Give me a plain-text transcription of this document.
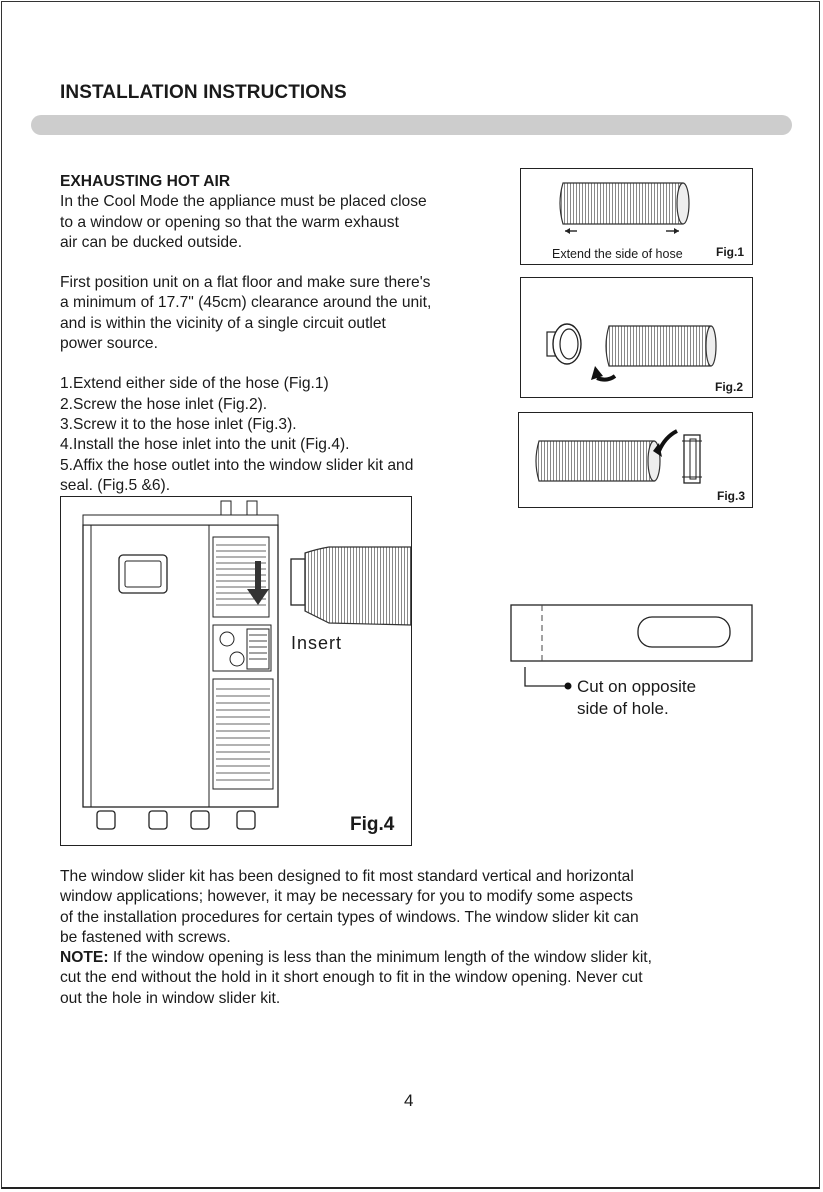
INSTALLATION INSTRUCTIONS

EXHAUSTING HOT AIR

In the Cool Mode the appliance must be placed close

to a window or opening so that the warm exhaust

air can be ducked outside.

First position unit on a flat floor and make sure there's

a minimum of 17.7" (45cm) clearance around the unit,

and is within the vicinity of a single circuit outlet

power source.

1.Extend either side of the hose (Fig.1)

2.Screw the hose inlet (Fig.2).

3.Screw it to the hose inlet (Fig.3).

4.Install the hose inlet into the unit (Fig.4).

5.Affix the hose outlet into the window slider kit and

seal. (Fig.5 &6).

Extend the side of hose	Fig.1
Fig.2
Fig.3
Insert
Fig.4
Cut on opposite
side of hole.

The window slider kit has been designed to fit most standard vertical and horizontal

window applications; however, it may be necessary for you to modify some aspects

of the installation procedures for certain types of windows. The window slider kit can

be fastened with screws.

NOTE: If the window opening is less than the minimum length of the window slider kit,

cut the end without the hold in it short enough to fit in the window opening. Never cut

out the hole in window slider kit.

4
